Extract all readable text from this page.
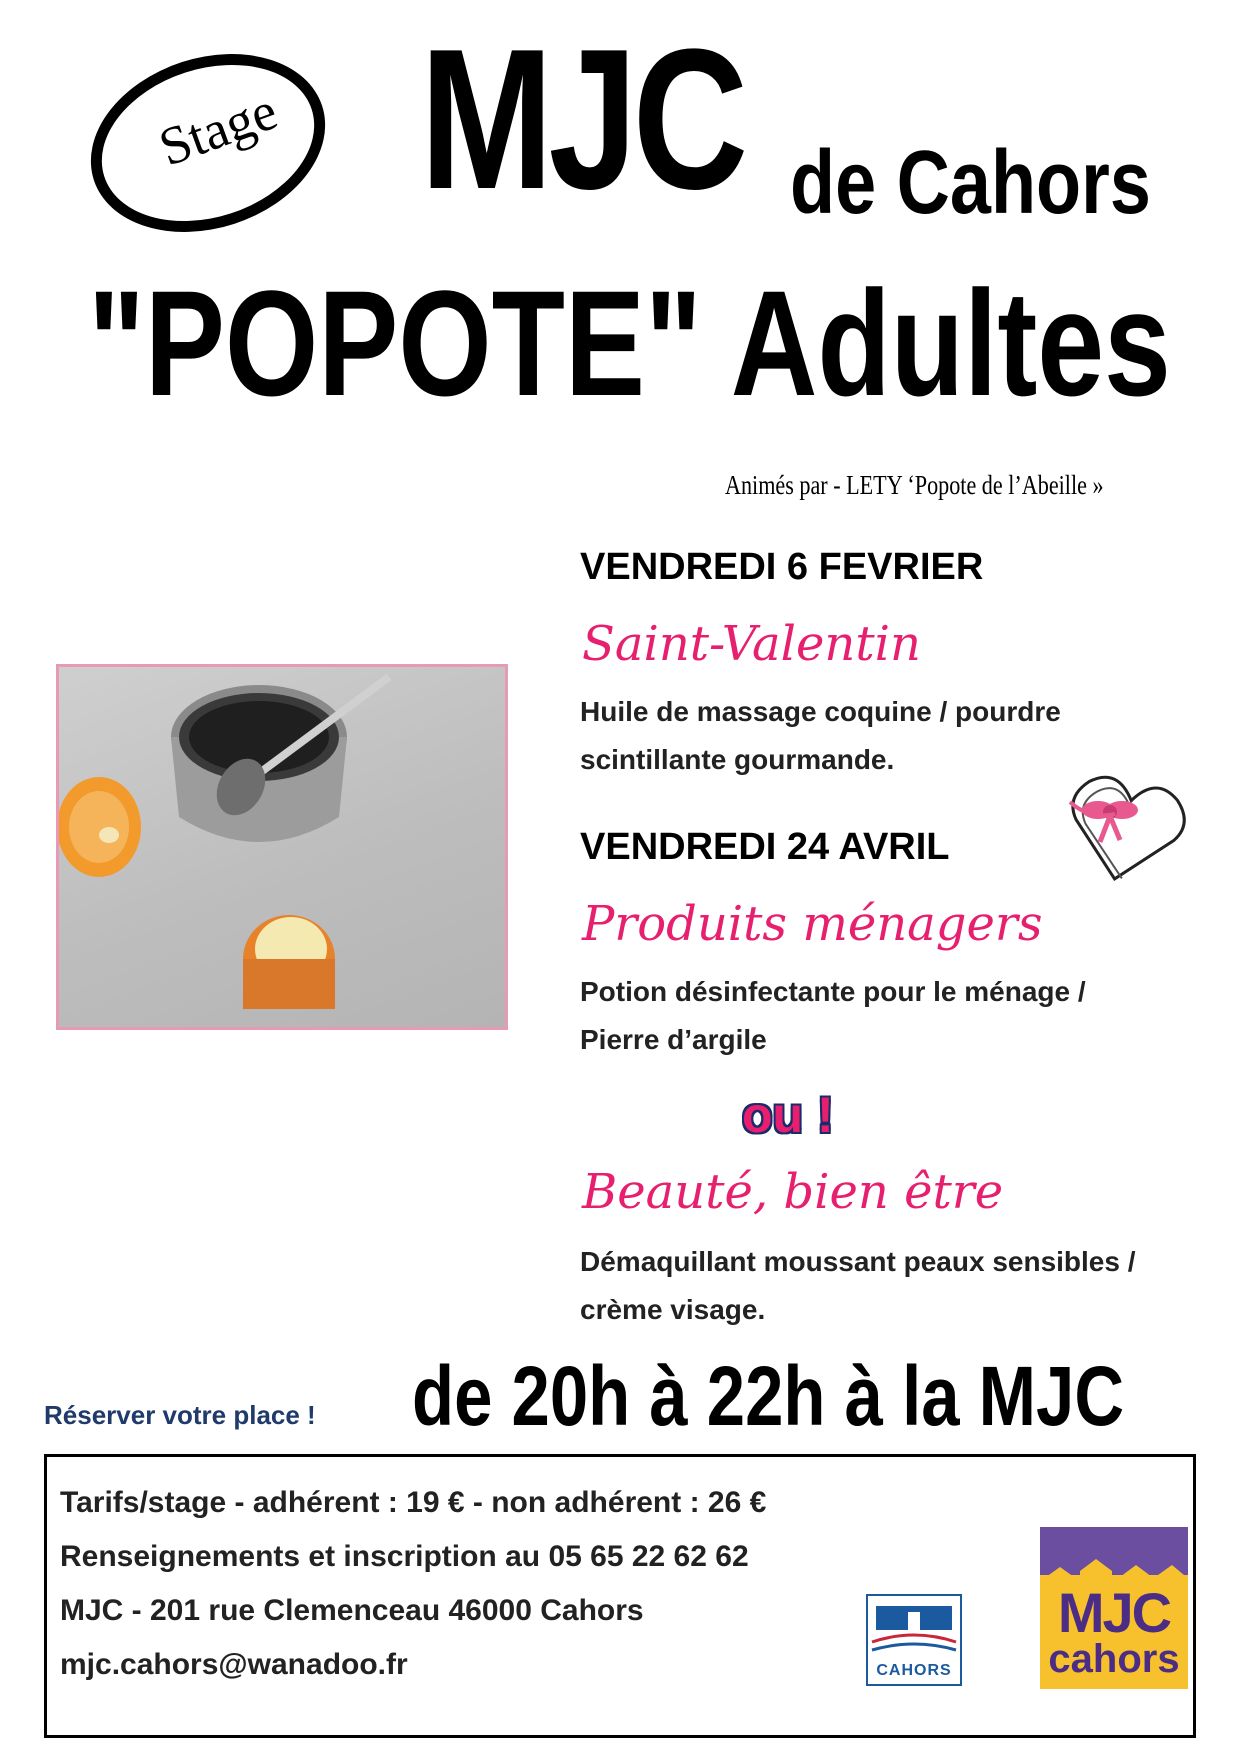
Stage MJC de Cahors
"POPOTE" Adultes
Animés par - LETY ‘Popote de l’Abeille »
VENDREDI 6 FEVRIER
Saint-Valentin
Huile de massage coquine / pourdre
scintillante gourmande.
VENDREDI 24 AVRIL
Produits ménagers
Potion désinfectante pour le ménage /
Pierre d’argile
ou !
Beauté, bien être
Démaquillant moussant peaux sensibles /
crème visage.
Réserver votre place ! de 20h à 22h à la MJC
Tarifs/stage - adhérent : 19 € - non adhérent : 26 €
Renseignements et inscription au 05 65 22 62 62
MJC - 201 rue Clemenceau 46000 Cahors
mjc.cahors@wanadoo.fr	CAHORS
MJC
cahors
